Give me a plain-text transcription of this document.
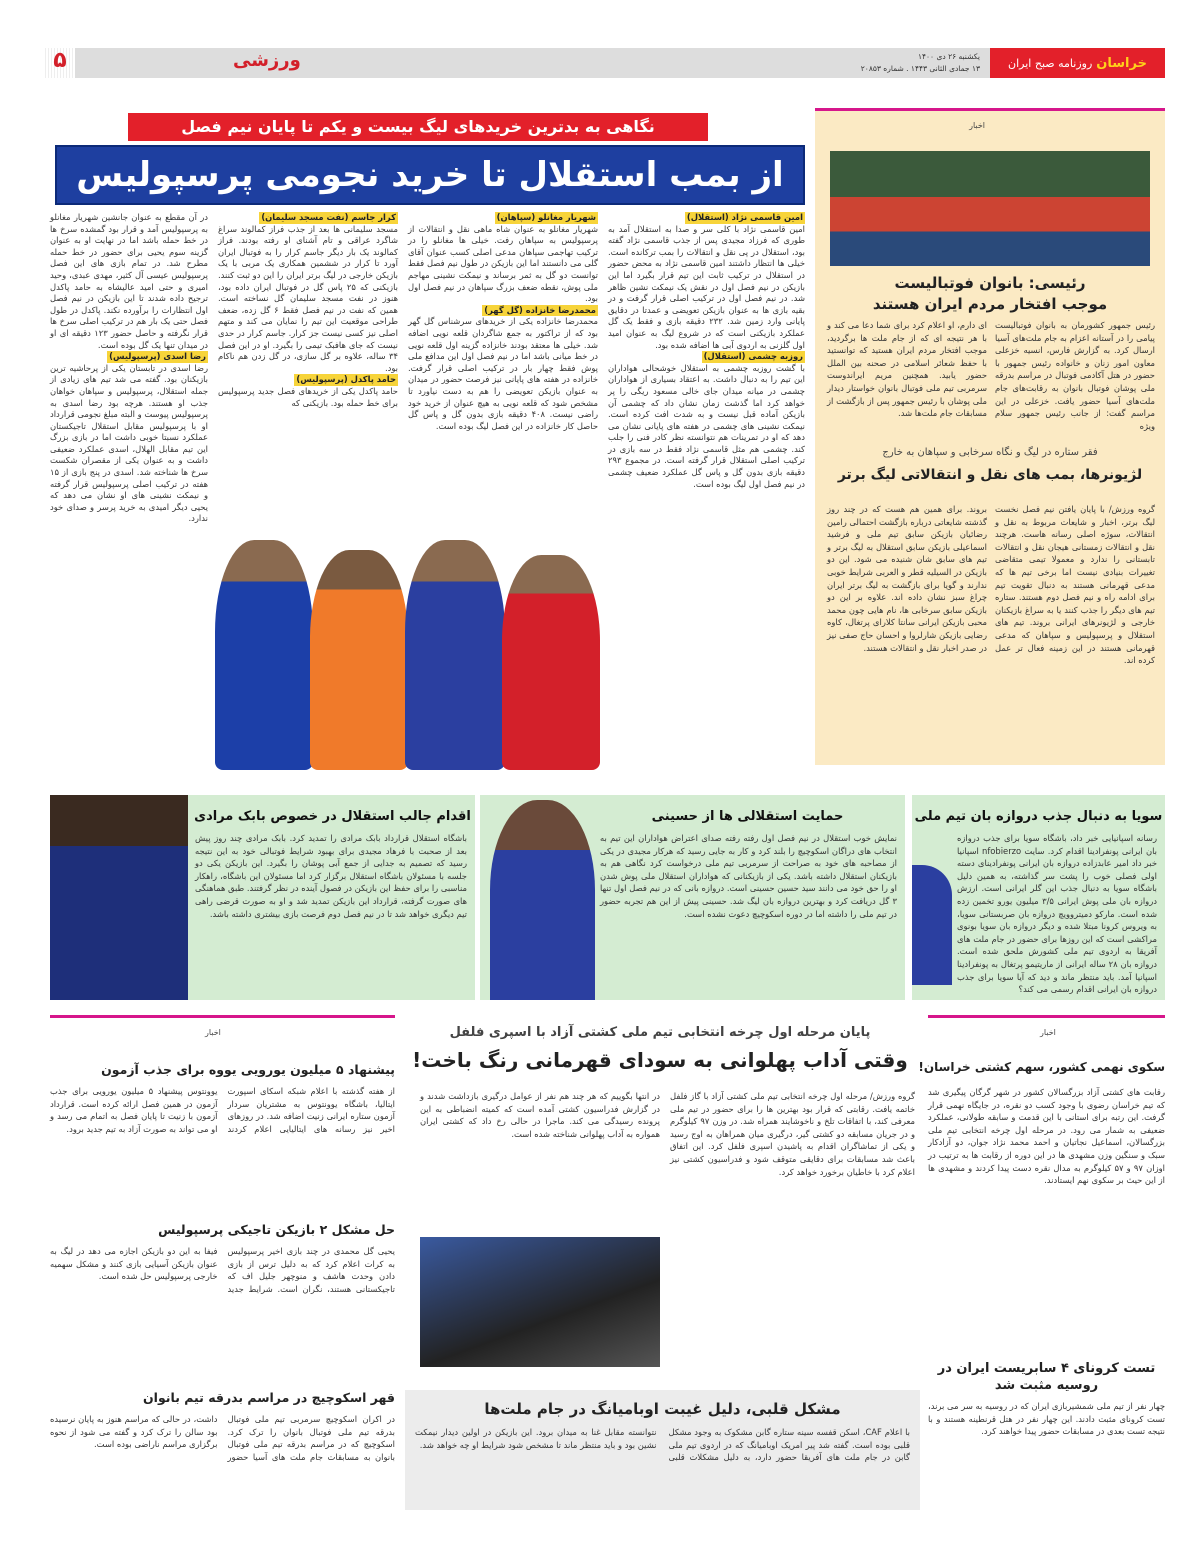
خراسان
روزنامه صبح ایران
یکشنبه ۲۶ دی ۱۴۰۰
۱۳ جمادی الثانی ۱۴۴۳ . شماره ۲۰۸۵۳
ورزشی
۵
اخبار
رئیسی: بانوان فوتبالیست
موجب افتخار مردم ایران هستند
رئیس جمهور کشورمان به بانوان فوتبالیست پیامی را در آستانه اعزام به جام ملت‌های آسیا ارسال کرد. به گزارش فارس، انسیه خزعلی معاون امور زنان و خانواده رئیس جمهور با حضور در هتل آکادمی فوتبال در مراسم بدرقه ملی پوشان فوتبال بانوان به رقابت‌های جام ملت‌های آسیا حضور یافت. خزعلی در این مراسم گفت: از جانب رئیس جمهور سلام ویژه
ای دارم، او اعلام کرد برای شما دعا می کند و با هر نتیجه ای که از جام ملت ها برگردید، موجب افتخار مردم ایران هستید که توانستید با حفظ شعائر اسلامی در صحنه بین الملل حضور یابید. همچنین مریم ایراندوست سرمربی تیم ملی فوتبال بانوان خواستار دیدار ملی پوشان با رئیس جمهور پس از بازگشت از مسابقات جام ملت‌ها شد.
فقر ستاره در لیگ و نگاه سرخابی و سپاهان به خارج
لژیونرها، بمب های نقل و انتقالاتی لیگ برتر
گروه ورزش/ با پایان یافتن نیم فصل نخست لیگ برتر، اخبار و شایعات مربوط به نقل و انتقالات، سوژه اصلی رسانه هاست. هرچند نقل و انتقالات زمستانی هیجان نقل و انتقالات تابستانی را ندارد و معمولا تیمی متقاضی تغییرات بنیادی نیست اما برخی تیم ها که مدعی قهرمانی هستند به دنبال تقویت تیم برای ادامه راه و نیم فصل دوم هستند. ستاره تیم های دیگر را جذب کنند یا به سراغ بازیکنان خارجی و لژیونرهای ایرانی بروند. تیم های استقلال و پرسپولیس و سپاهان که مدعی قهرمانی هستند در این زمینه فعال تر عمل کرده اند.
بروند. برای همین هم هست که در چند روز گذشته شایعاتی درباره بازگشت احتمالی رامین رضائیان بازیکن سابق تیم ملی و فرشید اسماعیلی بازیکن سابق استقلال به لیگ برتر و تیم های سابق شان شنیده می شود. این دو بازیکن در السیلیه قطر و العربی شرایط خوبی ندارند و گویا برای بازگشت به لیگ برتر ایران چراغ سبز نشان داده اند. علاوه بر این دو بازیکن سابق سرخابی ها، نام هایی چون محمد محبی بازیکن ایرانی سانتا کلارای پرتغال، کاوه رضایی بازیکن شارلروا و احسان حاج صفی نیز در صدر اخبار نقل و انتقالات هستند.
نگاهی به بدترین خریدهای لیگ بیست و یکم تا پایان نیم فصل
از بمب استقلال تا خرید نجومی پرسپولیس
امین قاسمی نژاد (استقلال)
امین قاسمی نژاد با کلی سر و صدا به استقلال آمد به طوری که فرزاد مجیدی پس از جذب قاسمی نژاد گفته بود، استقلال در پی نقل و انتقالات را بمب ترکانده است. خیلی ها انتظار داشتند امین قاسمی نژاد به محض حضور در استقلال در ترکیب ثابت این تیم قرار بگیرد اما این بازیکن در نیم فصل اول در نقش یک نیمکت نشین ظاهر شد. در نیم فصل اول در ترکیب اصلی قرار گرفت و در بقیه بازی ها به عنوان بازیکن تعویضی و عمدتا در دقایق پایانی وارد زمین شد. ۲۳۲ دقیقه بازی و فقط یک گل عملکرد بازیکنی است که در شروع لیگ به عنوان امید اول گلزنی به اردوی آبی ها اضافه شده بود.
روزبه چشمی (استقلال)
با گشت روزبه چشمی به استقلال خوشحالی هواداران این تیم را به دنبال داشت. به اعتقاد بسیاری از هواداران چشمی در میانه میدان جای خالی مسعود ریگی را پر خواهد کرد اما گذشت زمان نشان داد که چشمی آن بازیکن آماده قبل نیست و به شدت افت کرده است. نیمکت نشینی های چشمی در هفته های پایانی نشان می دهد که او در تمرینات هم نتوانسته نظر کادر فنی را جلب کند. چشمی هم مثل قاسمی نژاد فقط در سه بازی در ترکیب اصلی استقلال قرار گرفته است. در مجموع ۲۹۳ دقیقه بازی بدون گل و پاس گل عملکرد ضعیف چشمی در نیم فصل اول لیگ بوده است.
شهریار مغانلو (سپاهان)
شهریار مغانلو به عنوان شاه ماهی نقل و انتقالات از پرسپولیس به سپاهان رفت. خیلی ها مغانلو را در ترکیب تهاجمی سپاهان مدعی اصلی کسب عنوان آقای گلی می دانستند اما این بازیکن در طول نیم فصل فقط توانست دو گل به ثمر برساند و نیمکت نشینی مهاجم ملی پوش، نقطه ضعف بزرگ سپاهان در نیم فصل اول بود.
محمدرضا خانزاده (گل گهر)
محمدرضا خانزاده یکی از خریدهای سرشناس گل گهر بود که از تراکتور به جمع شاگردان قلعه نویی اضافه شد. خیلی ها معتقد بودند خانزاده گزینه اول قلعه نویی در خط میانی باشد اما در نیم فصل اول این مدافع ملی پوش فقط چهار بار در ترکیب اصلی قرار گرفت. خانزاده در هفته های پایانی نیز فرصت حضور در میدان به عنوان بازیکن تعویضی را هم به دست نیاورد تا مشخص شود که قلعه نویی به هیچ عنوان از خرید خود راضی نیست. ۴۰۸ دقیقه بازی بدون گل و پاس گل حاصل کار خانزاده در این فصل لیگ بوده است.
کرار جاسم (نفت مسجد سلیمان)
مسجد سلیمانی ها بعد از جذب فراز کمالوند سراغ شاگرد عراقی و تام آشنای او رفته بودند. فراز کمالوند یک بار دیگر جاسم کرار را به فوتبال ایران آورد تا کرار در ششمین همکاری یک مربی با یک بازیکن خارجی در لیگ برتر ایران را این دو ثبت کنند. بازیکنی که ۲۵ پاس گل در فوتبال ایران داده بود، هنوز در نفت مسجد سلیمان گل نساخته است. همین که نفت در نیم فصل فقط ۶ گل زده، ضعف طراحی موقعیت این تیم را نمایان می کند و متهم اصلی نیز کسی نیست جز کرار. جاسم کرار در حدی نیست که جای هافبک تیمی را بگیرد. او در این فصل ۳۴ ساله، علاوه بر گل سازی، در گل زدن هم ناکام بود.
حامد پاکدل (پرسپولیس)
حامد پاکدل یکی از خریدهای فصل جدید پرسپولیس برای خط حمله بود. بازیکنی که
در آن مقطع به عنوان جانشین شهریار مغانلو به پرسپولیس آمد و قرار بود گمشده سرخ ها در خط حمله باشد اما در نهایت او به عنوان گزینه سوم یحیی برای حضور در خط حمله مطرح شد. در تمام بازی های این فصل پرسپولیس عیسی آل کثیر، مهدی عبدی، وحید امیری و حتی امید عالیشاه به حامد پاکدل ترجیح داده شدند تا این بازیکن در نیم فصل اول انتظارات را برآورده نکند. پاکدل در طول فصل حتی یک بار هم در ترکیب اصلی سرخ ها قرار نگرفته و حاصل حضور ۱۲۳ دقیقه ای او در میدان تنها یک گل بوده است.
رضا اسدی (پرسپولیس)
رضا اسدی در تابستان یکی از پرحاشیه ترین بازیکنان بود. گفته می شد تیم های زیادی از جمله استقلال، پرسپولیس و سپاهان خواهان جذب او هستند. هرچه بود رضا اسدی به پرسپولیس پیوست و البته مبلغ نجومی قرارداد او با پرسپولیس مقابل استقلال تاجیکستان عملکرد نسبتا خوبی داشت اما در بازی بزرگ این تیم مقابل الهلال، اسدی عملکرد ضعیفی داشت و به عنوان یکی از مقصران شکست سرخ ها شناخته شد. اسدی در پنج بازی از ۱۵ هفته در ترکیب اصلی پرسپولیس قرار گرفته و نیمکت نشینی های او نشان می دهد که یحیی دیگر امیدی به خرید پرسر و صدای خود ندارد.
سویا به دنبال جذب دروازه بان تیم ملی
رسانه اسپانیایی خبر داد، باشگاه سویا برای جذب دروازه بان ایرانی پونفرادینا اقدام کرد. سایت nfobierzo اسپانیا خبر داد امیر عابدزاده دروازه بان ایرانی پونفرادینای دسته اولی فصلی خوب را پشت سر گذاشته، به همین دلیل باشگاه سویا به دنبال جذب این گلر ایرانی است. ارزش دروازه بان ملی پوش ایرانی ۳/۵ میلیون یورو تخمین زده شده است. مارکو دمیتروویچ دروازه بان صربستانی سویا، به ویروس کرونا مبتلا شده و دیگر دروازه بان سویا بونوی مراکشی است که این روزها برای حضور در جام ملت های آفریقا به اردوی تیم ملی کشورش ملحق شده است. دروازه بان ۲۸ ساله ایرانی از ماریتیمو پرتغال به پونفرادینا اسپانیا آمد. باید منتظر ماند و دید که آیا سویا برای جذب دروازه بان ایرانی اقدام رسمی می کند؟
حمایت استقلالی ها از حسینی
نمایش خوب استقلال در نیم فصل اول رفته رفته صدای اعتراض هواداران این تیم به انتخاب های دراگان اسکوچیچ را بلند کرد و کار به جایی رسید که هرکار مجیدی در یکی از مصاحبه های خود به صراحت از سرمربی تیم ملی درخواست کرد نگاهی هم به بازیکنان استقلال داشته باشد. یکی از بازیکنانی که هواداران استقلال ملی پوش شدن او را حق خود می دانند سید حسین حسینی است. دروازه بانی که در نیم فصل اول تنها ۳ گل دریافت کرد و بهترین دروازه بان لیگ شد. حسینی پیش از این هم تجربه حضور در تیم ملی را داشته اما در دوره اسکوچیچ دعوت نشده است.
اقدام جالب استقلال در خصوص بابک مرادی
باشگاه استقلال قرارداد بابک مرادی را تمدید کرد. بابک مرادی چند روز پیش بعد از صحبت با فرهاد مجیدی برای بهبود شرایط فوتبالی خود به این نتیجه رسید که تصمیم به جدایی از جمع آبی پوشان را بگیرد. این بازیکن یکی دو جلسه با مسئولان باشگاه استقلال برگزار کرد اما مسئولان این باشگاه، راهکار مناسبی را برای حفظ این بازیکن در فصول آینده در نظر گرفتند. طبق هماهنگی های صورت گرفته، قرارداد این بازیکن تمدید شد و او به صورت قرضی راهی تیم دیگری خواهد شد تا در نیم فصل دوم فرصت بازی بیشتری داشته باشد.
اخبار
سکوی نهمی کشور، سهم کشتی خراسان!
رقابت های کشتی آزاد بزرگسالان کشور در شهر گرگان پیگیری شد که تیم خراسان رضوی با وجود کسب دو نقره، در جایگاه نهمی قرار گرفت. این رتبه برای استانی با این قدمت و سابقه طولانی، عملکرد ضعیفی به شمار می رود. در مرحله اول چرخه انتخابی تیم ملی بزرگسالان، اسماعیل نجاتیان و احمد محمد نژاد جوان، دو آزادکار سبک و سنگین وزن مشهدی ها در این دوره از رقابت ها به ترتیب در اوزان ۹۷ و ۵۷ کیلوگرم به مدال نقره دست پیدا کردند و مشهدی ها از این حیث بر سکوی نهم ایستادند.
تست کرونای ۴ سابریست ایران در روسیه مثبت شد
چهار نفر از تیم ملی شمشیربازی ایران که در روسیه به سر می برند، تست کرونای مثبت دادند. این چهار نفر در هتل قرنطینه هستند و با نتیجه تست بعدی در مسابقات حضور پیدا خواهند کرد.
پایان مرحله اول چرخه انتخابی تیم ملی کشتی آزاد با اسپری فلفل
وقتی آداب پهلوانی به سودای قهرمانی رنگ باخت!
گروه ورزش/ مرحله اول چرخه انتخابی تیم ملی کشتی آزاد با گاز فلفل خاتمه یافت. رقابتی که قرار بود بهترین ها را برای حضور در تیم ملی معرفی کند، با اتفاقات تلخ و ناخوشایند همراه شد. در وزن ۹۷ کیلوگرم و در جریان مسابقه دو کشتی گیر، درگیری میان همراهان به اوج رسید و یکی از تماشاگران اقدام به پاشیدن اسپری فلفل کرد. این اتفاق باعث شد مسابقات برای دقایقی متوقف شود و فدراسیون کشتی نیز اعلام کرد با خاطیان برخورد خواهد کرد.
در انتها بگوییم که هر چند هم نفر از عوامل درگیری بازداشت شدند و در گزارش فدراسیون کشتی آمده است که کمیته انضباطی به این پرونده رسیدگی می کند. ماجرا در حالی رخ داد که کشتی ایران همواره به آداب پهلوانی شناخته شده است.
مشکل قلبی، دلیل غیبت اوبامیانگ در جام ملت‌ها
با اعلام CAF، اسکن قفسه سینه ستاره گابن مشکوک به وجود مشکل قلبی بوده است. گفته شد پیر امریک اوبامیانگ که در اردوی تیم ملی گابن در جام ملت های آفریقا حضور دارد، به دلیل مشکلات قلبی نتوانسته مقابل غنا به میدان برود. این بازیکن در اولین دیدار نیمکت نشین بود و باید منتظر ماند تا مشخص شود شرایط او چه خواهد شد.
اخبار
پیشنهاد ۵ میلیون یورویی یووه برای جذب آزمون
از هفته گذشته با اعلام شبکه اسکای اسپورت ایتالیا، باشگاه یوونتوس به مشتریان سردار آزمون ستاره ایرانی زنیت اضافه شد. در روزهای اخیر نیز رسانه های ایتالیایی اعلام کردند یوونتوس پیشنهاد ۵ میلیون یورویی برای جذب آزمون در همین فصل ارائه کرده است. قرارداد آزمون با زنیت تا پایان فصل به اتمام می رسد و او می تواند به صورت آزاد به تیم جدید برود.
حل مشکل ۲ بازیکن تاجیکی پرسپولیس
یحیی گل محمدی در چند بازی اخیر پرسپولیس به کرات اعلام کرد که به دلیل ترس از بازی دادن وحدت هاشف و منوچهر جلیل اف که تاجیکستانی هستند، نگران است. شرایط جدید فیفا به این دو بازیکن اجازه می دهد در لیگ به عنوان بازیکن آسیایی بازی کنند و مشکل سهمیه خارجی پرسپولیس حل شده است.
قهر اسکوچیچ در مراسم بدرقه تیم بانوان
در اکران اسکوچیچ سرمربی تیم ملی فوتبال بدرقه تیم ملی فوتبال بانوان را ترک کرد. اسکوچیچ که در مراسم بدرقه تیم ملی فوتبال بانوان به مسابقات جام ملت های آسیا حضور داشت، در حالی که مراسم هنوز به پایان نرسیده بود سالن را ترک کرد و گفته می شود از نحوه برگزاری مراسم ناراضی بوده است.
